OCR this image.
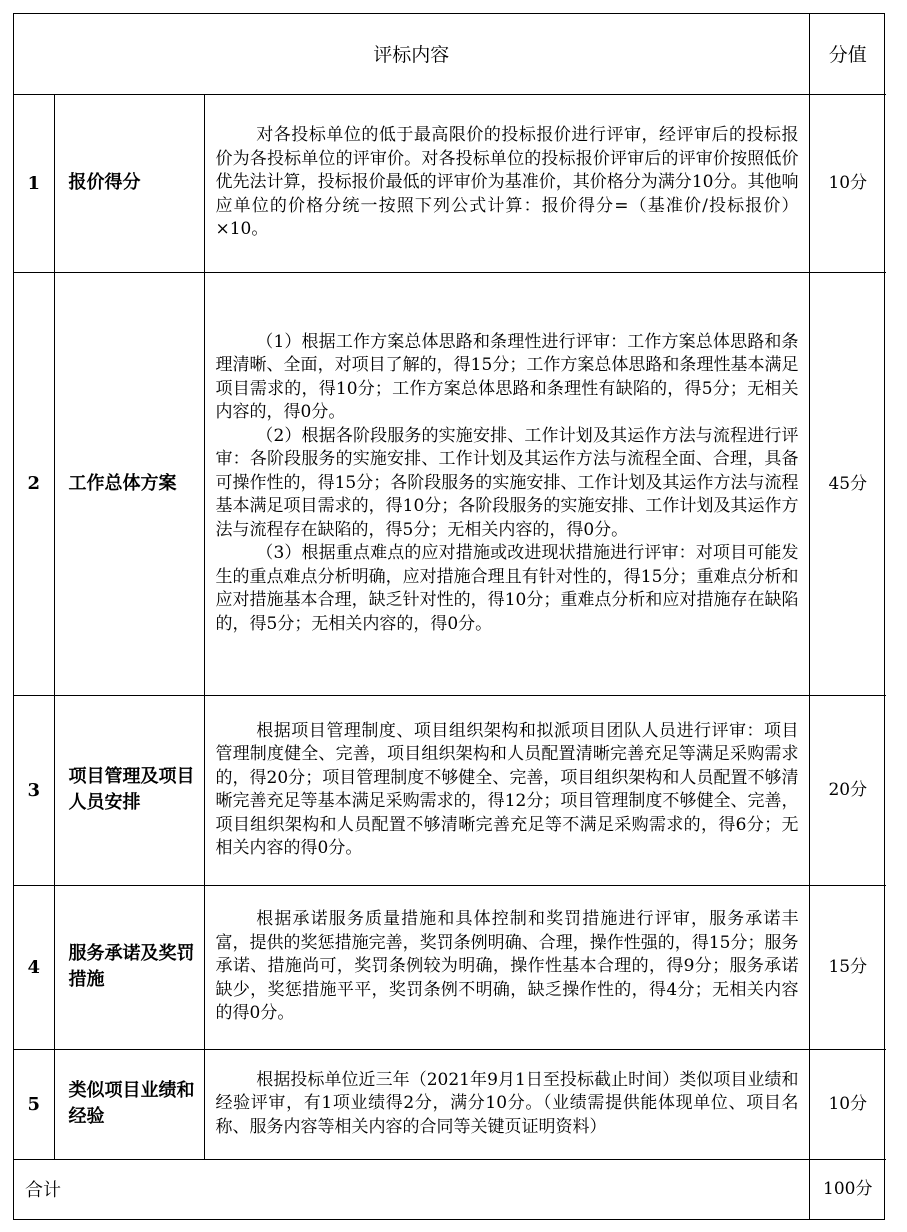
评标内容			分值
1	报价得分	对各投标单位的低于最高限价的投标报价进行评审，经评审后的投标报价为各投标单位的评审价。对各投标单位的投标报价评审后的评审价按照低价优先法计算，投标报价最低的评审价为基准价，其价格分为满分10分。其他响应单位的价格分统一按照下列公式计算：报价得分=（基准价/投标报价）×10。	10分
2	工作总体方案	（1）根据工作方案总体思路和条理性进行评审：工作方案总体思路和条理清晰、全面，对项目了解的，得15分；工作方案总体思路和条理性基本满足项目需求的，得10分；工作方案总体思路和条理性有缺陷的，得5分；无相关内容的，得0分。

（2）根据各阶段服务的实施安排、工作计划及其运作方法与流程进行评审：各阶段服务的实施安排、工作计划及其运作方法与流程全面、合理，具备可操作性的，得15分；各阶段服务的实施安排、工作计划及其运作方法与流程基本满足项目需求的，得10分；各阶段服务的实施安排、工作计划及其运作方法与流程存在缺陷的，得5分；无相关内容的，得0分。

（3）根据重点难点的应对措施或改进现状措施进行评审：对项目可能发生的重点难点分析明确，应对措施合理且有针对性的，得15分；重难点分析和应对措施基本合理，缺乏针对性的，得10分；重难点分析和应对措施存在缺陷的，得5分；无相关内容的，得0分。	45分
3	项目管理及项目人员安排	根据项目管理制度、项目组织架构和拟派项目团队人员进行评审：项目管理制度健全、完善，项目组织架构和人员配置清晰完善充足等满足采购需求的，得20分；项目管理制度不够健全、完善，项目组织架构和人员配置不够清晰完善充足等基本满足采购需求的，得12分；项目管理制度不够健全、完善，项目组织架构和人员配置不够清晰完善充足等不满足采购需求的，得6分；无相关内容的得0分。	20分
4	服务承诺及奖罚措施	根据承诺服务质量措施和具体控制和奖罚措施进行评审，服务承诺丰富，提供的奖惩措施完善，奖罚条例明确、合理，操作性强的，得15分；服务承诺、措施尚可，奖罚条例较为明确，操作性基本合理的，得9分；服务承诺缺少，奖惩措施平平，奖罚条例不明确，缺乏操作性的，得4分；无相关内容的得0分。	15分
5	类似项目业绩和经验	根据投标单位近三年（2021年9月1日至投标截止时间）类似项目业绩和经验评审，有1项业绩得2分，满分10分。（业绩需提供能体现单位、项目名称、服务内容等相关内容的合同等关键页证明资料）	10分
合计			100分
